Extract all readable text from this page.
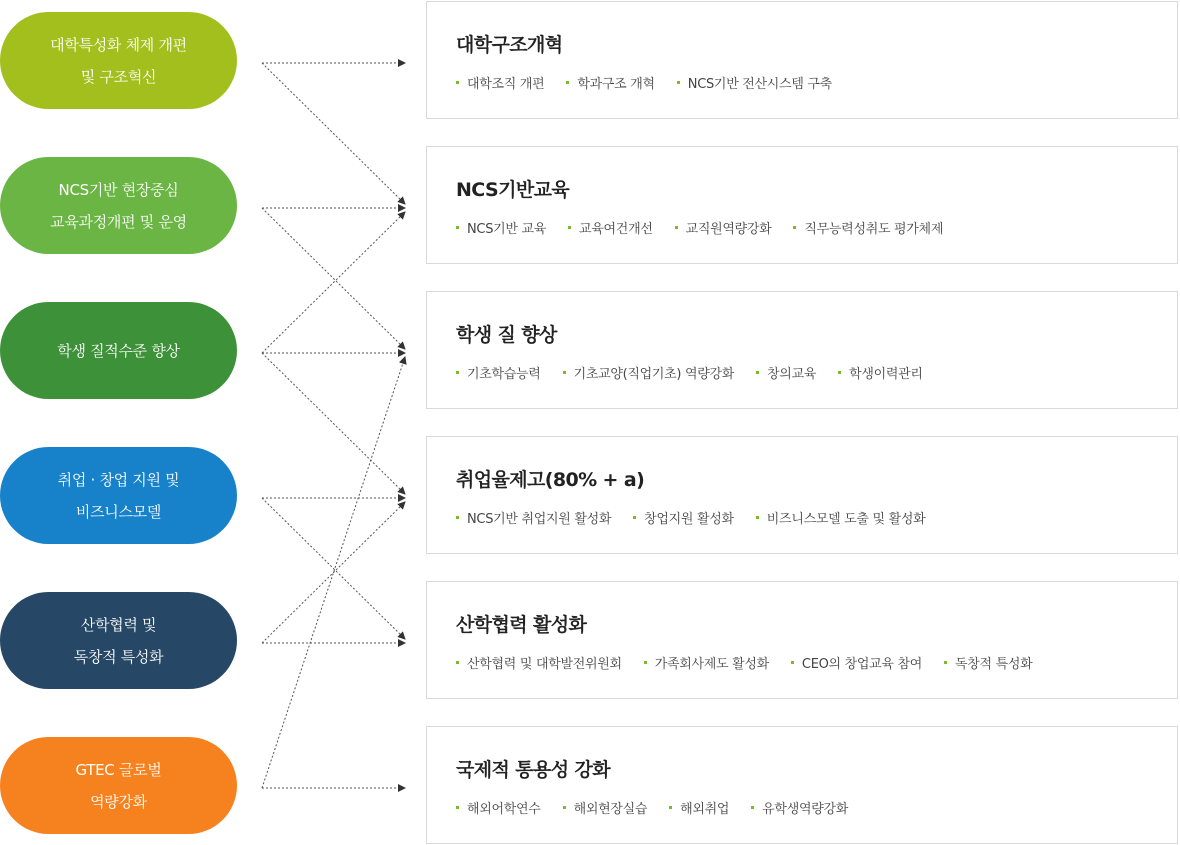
대학특성화 체제 개편
및 구조혁신
NCS기반 현장중심
교육과정개편 및 운영
학생 질적수준 향상
취업 · 창업 지원 및
비즈니스모델
산학협력 및
독창적 특성화
GTEC 글로벌
역량강화
대학구조개혁
대학조직 개편	학과구조 개혁	NCS기반 전산시스템 구축
NCS기반교육
NCS기반 교육	교육여건개선	교직원역량강화	직무능력성취도 평가체제
학생 질 향상
기초학습능력	기초교양(직업기초) 역량강화	창의교육	학생이력관리
취업율제고(80% + a)
NCS기반 취업지원 활성화	창업지원 활성화	비즈니스모델 도출 및 활성화
산학협력 활성화
산학협력 및 대학발전위원회	가족회사제도 활성화	CEO의 창업교육 참여	독창적 특성화
국제적 통용성 강화
해외어학연수	해외현장실습	해외취업	유학생역량강화
